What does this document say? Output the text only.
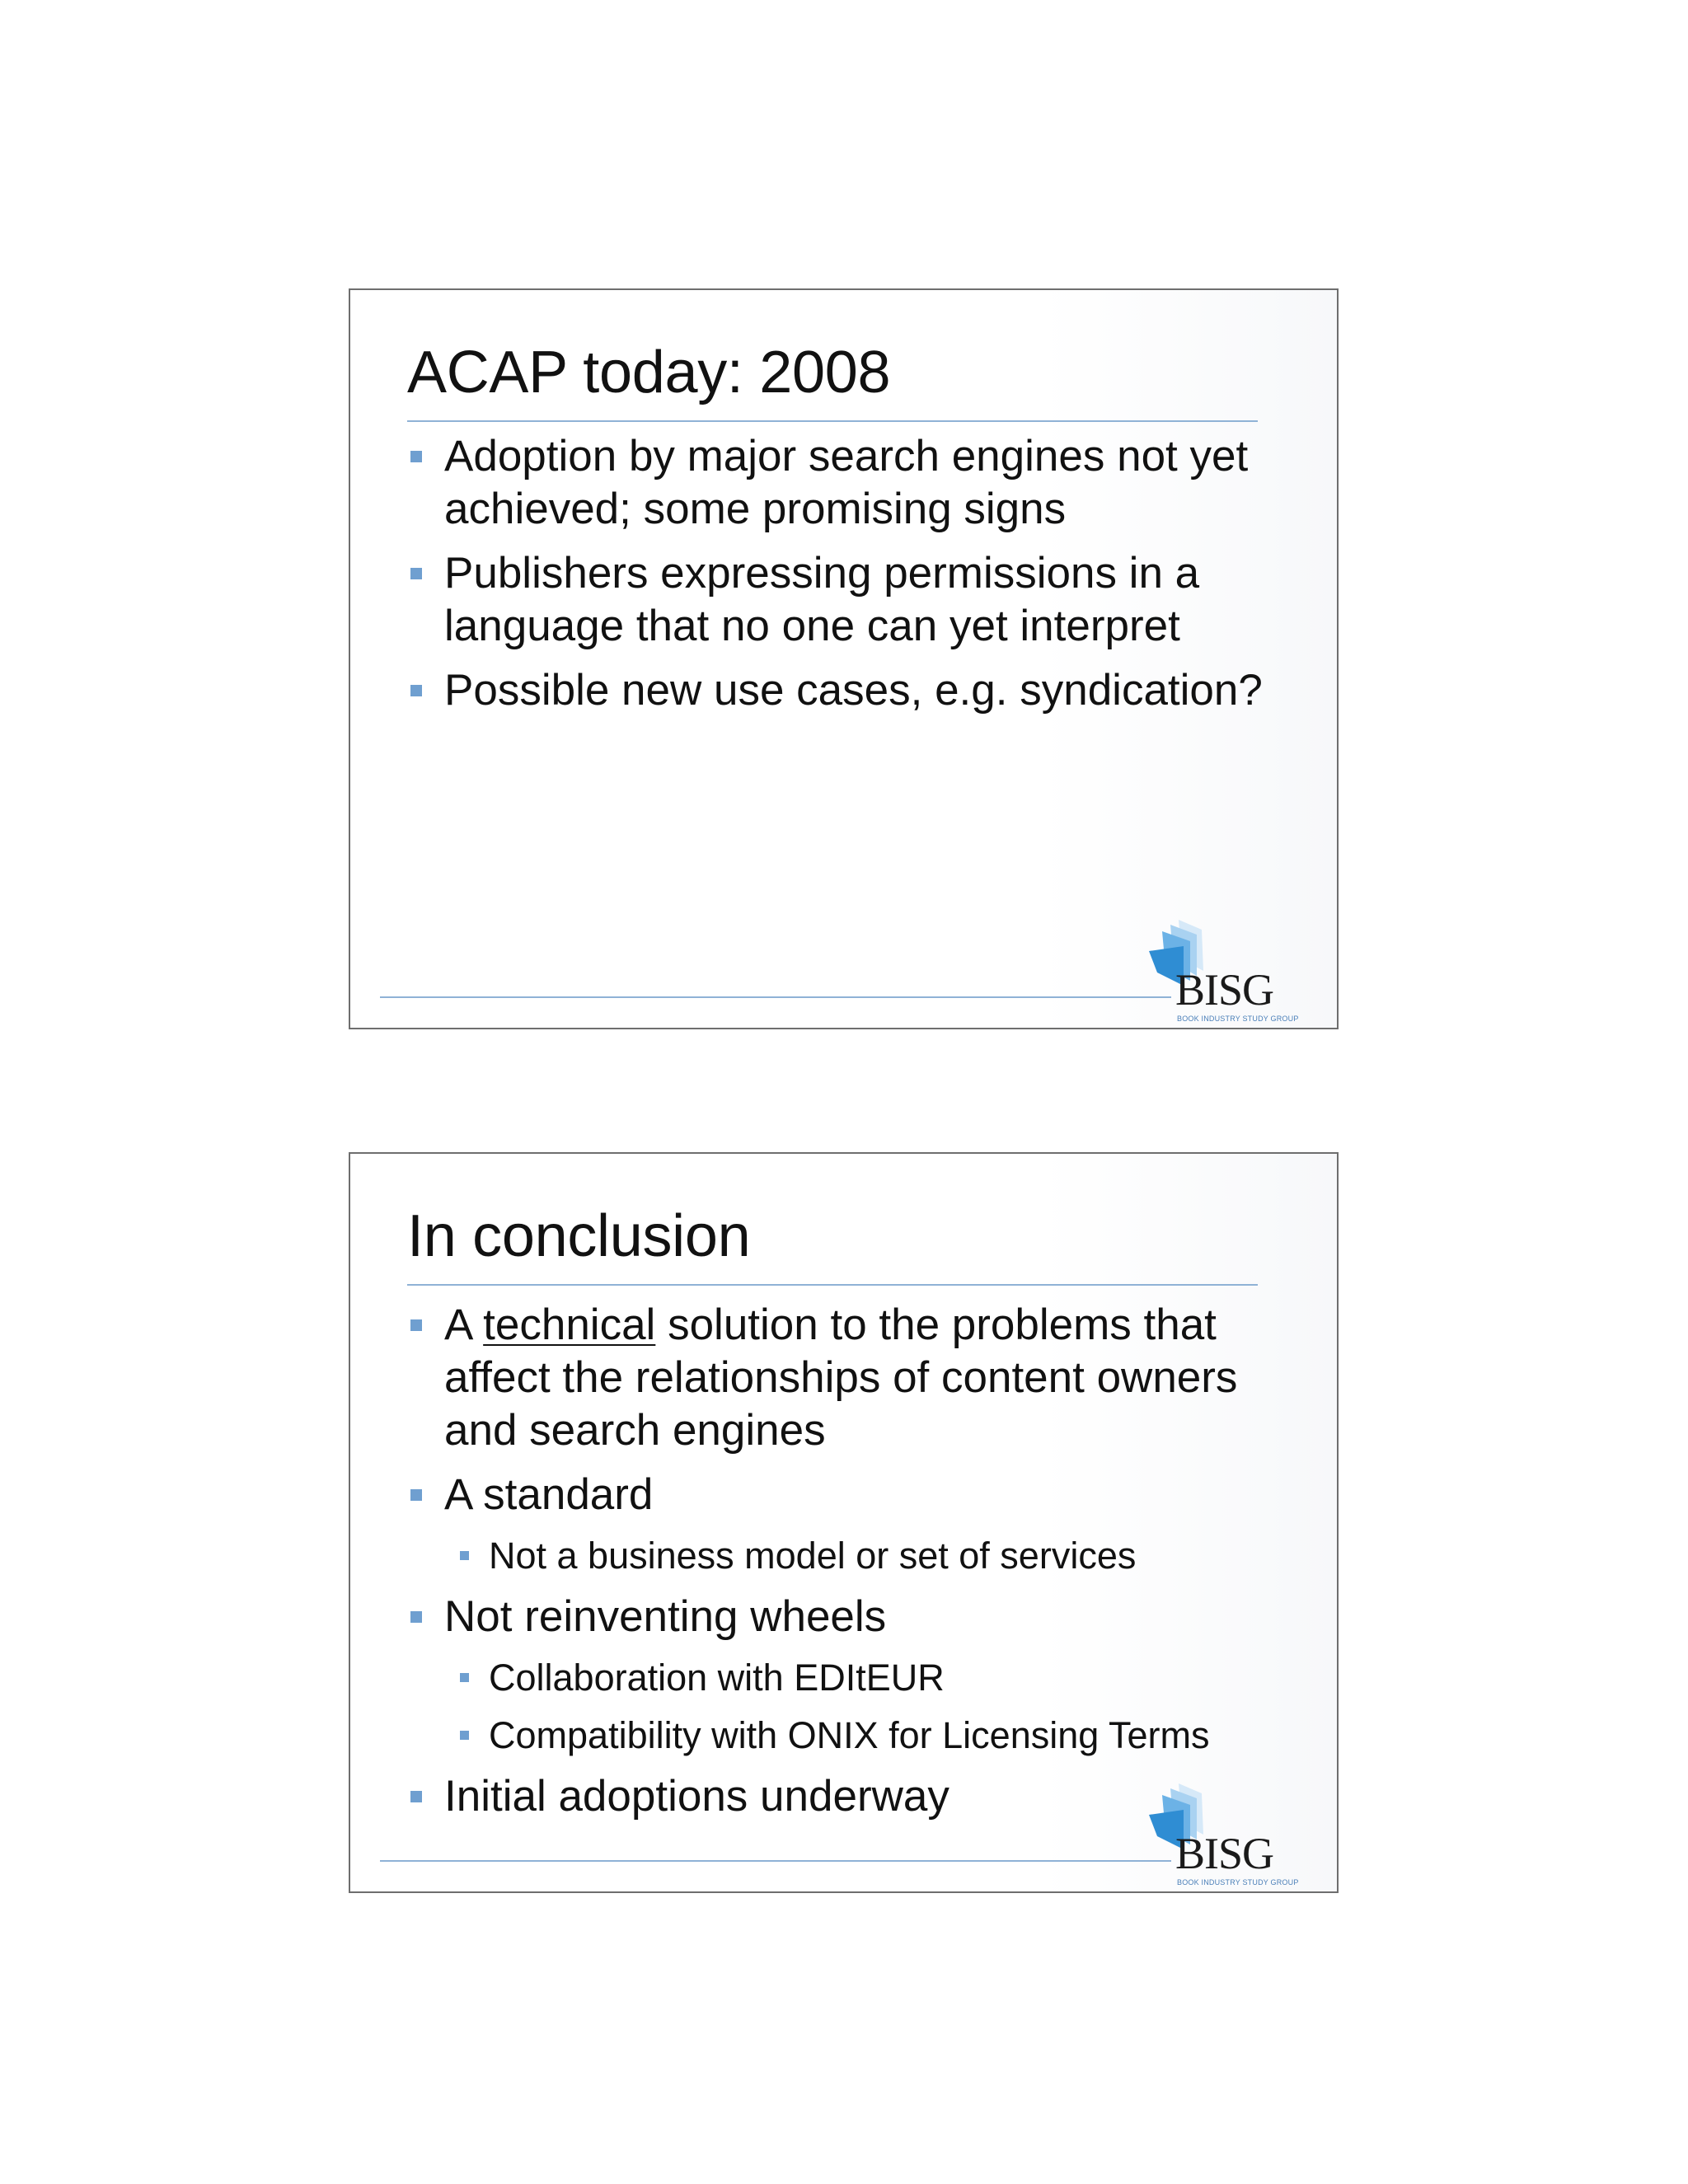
ACAP today: 2008
Adoption by major search engines not yet achieved; some promising signs
Publishers expressing permissions in a language that no one can yet interpret
Possible new use cases, e.g. syndication?
BISG
BOOK INDUSTRY STUDY GROUP
In conclusion
A technical solution to the problems that affect the relationships of content owners and search engines
A standard
Not a business model or set of services
Not reinventing wheels
Collaboration with EDItEUR
Compatibility with ONIX for Licensing Terms
Initial adoptions underway
BISG
BOOK INDUSTRY STUDY GROUP
